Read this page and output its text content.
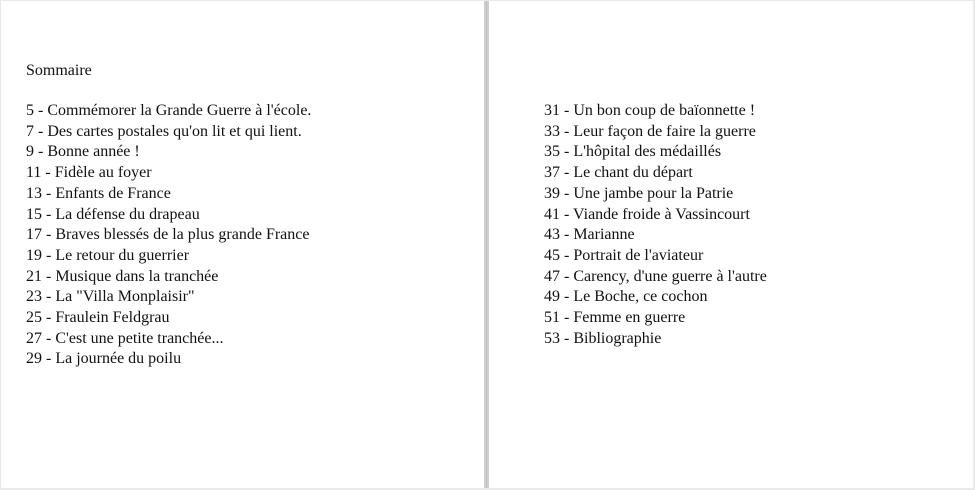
Sommaire
5 - Commémorer la Grande Guerre à l'école.
7 - Des cartes postales qu'on lit et qui lient.
9 - Bonne année !
11 - Fidèle au foyer
13 - Enfants de France
15 - La défense du drapeau
17 - Braves blessés de la plus grande France
19 - Le retour du guerrier
21 - Musique dans la tranchée
23 - La "Villa Monplaisir"
25 - Fraulein Feldgrau
27 - C'est une petite tranchée...
29 - La journée du poilu
31 - Un bon coup de baïonnette !
33 - Leur façon de faire la guerre
35 - L'hôpital des médaillés
37 - Le chant du départ
39 - Une jambe pour la Patrie
41 - Viande froide à Vassincourt
43 - Marianne
45 - Portrait de l'aviateur
47 - Carency, d'une guerre à l'autre
49 - Le Boche, ce cochon
51 - Femme en guerre
53 - Bibliographie
